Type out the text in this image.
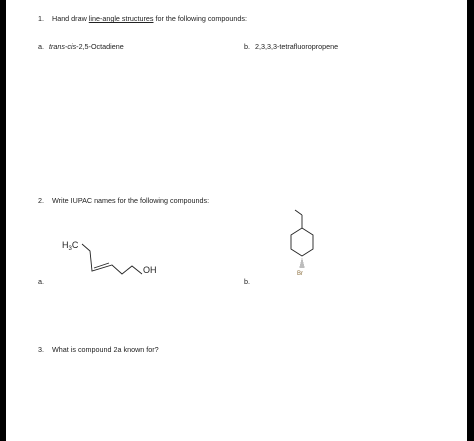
1. Hand draw line-angle structures for the following compounds:
a. trans-cis-2,5-Octadiene	b. 2,3,3,3-tetrafluoropropene
2. Write IUPAC names for the following compounds:
$H_3C$
OH
a.
Br
b.
3. What is compound 2a known for?
